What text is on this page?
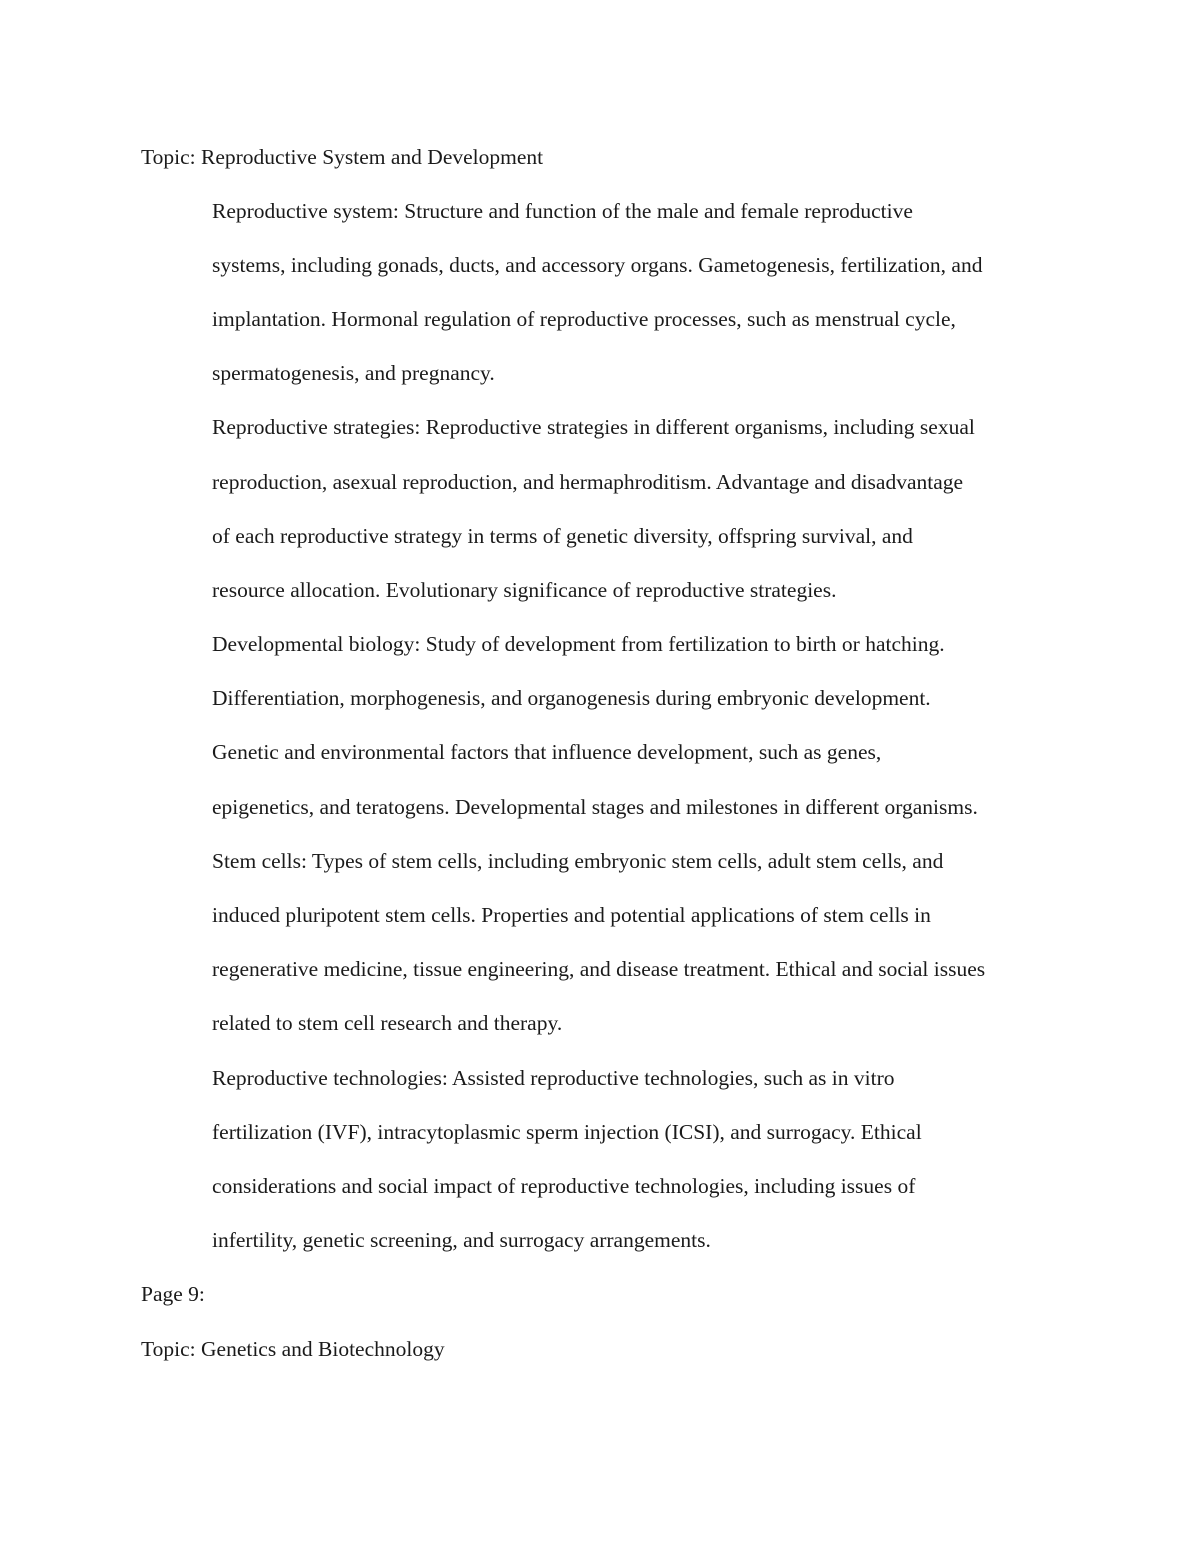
Topic: Reproductive System and Development

Reproductive system: Structure and function of the male and female reproductive

systems, including gonads, ducts, and accessory organs. Gametogenesis, fertilization, and

implantation. Hormonal regulation of reproductive processes, such as menstrual cycle,

spermatogenesis, and pregnancy.

Reproductive strategies: Reproductive strategies in different organisms, including sexual

reproduction, asexual reproduction, and hermaphroditism. Advantage and disadvantage

of each reproductive strategy in terms of genetic diversity, offspring survival, and

resource allocation. Evolutionary significance of reproductive strategies.

Developmental biology: Study of development from fertilization to birth or hatching.

Differentiation, morphogenesis, and organogenesis during embryonic development.

Genetic and environmental factors that influence development, such as genes,

epigenetics, and teratogens. Developmental stages and milestones in different organisms.

Stem cells: Types of stem cells, including embryonic stem cells, adult stem cells, and

induced pluripotent stem cells. Properties and potential applications of stem cells in

regenerative medicine, tissue engineering, and disease treatment. Ethical and social issues

related to stem cell research and therapy.

Reproductive technologies: Assisted reproductive technologies, such as in vitro

fertilization (IVF), intracytoplasmic sperm injection (ICSI), and surrogacy. Ethical

considerations and social impact of reproductive technologies, including issues of

infertility, genetic screening, and surrogacy arrangements.

Page 9:

Topic: Genetics and Biotechnology
